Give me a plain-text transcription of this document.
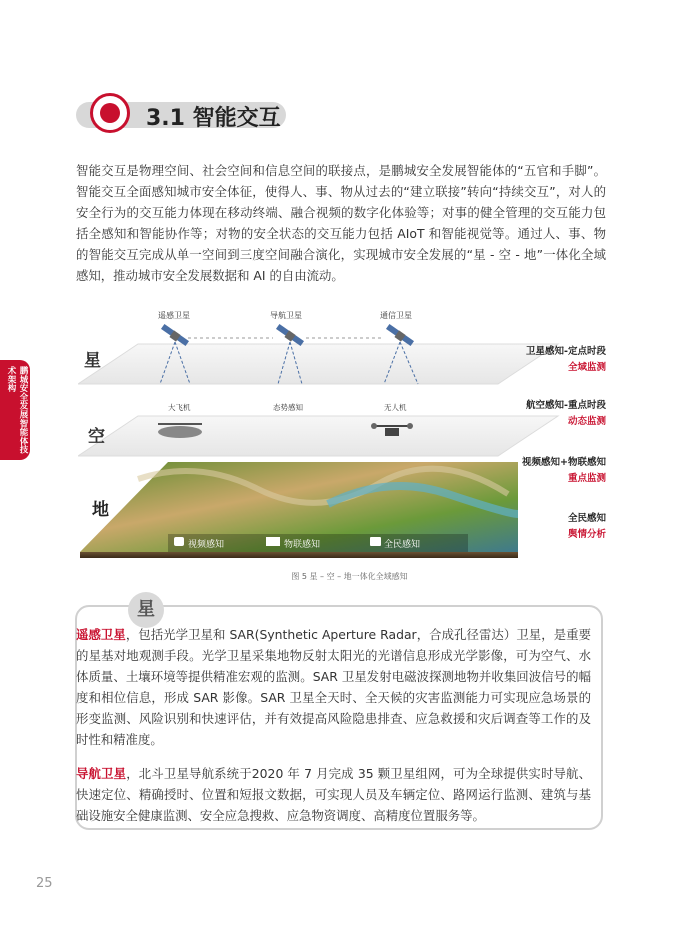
鹏城安全发展智能体技术架构
3.1 智能交互
智能交互是物理空间、社会空间和信息空间的联接点，是鹏城安全发展智能体的“五官和手脚”。智能交互全面感知城市安全体征，使得人、事、物从过去的“建立联接”转向“持续交互”，对人的安全行为的交互能力体现在移动终端、融合视频的数字化体验等；对事的健全管理的交互能力包括全感知和智能协作等；对物的安全状态的交互能力包括 AIoT 和智能视觉等。通过人、事、物的智能交互完成从单一空间到三度空间融合演化，实现城市安全发展的“星 - 空 - 地”一体化全域感知，推动城市安全发展数据和 AI 的自由流动。
星
空
地
遥感卫星	导航卫星	通信卫星
大飞机	态势感知	无人机
视频感知	物联感知	全民感知
卫星感知-定点时段
全域监测
航空感知-重点时段
动态监测
视频感知+物联感知
重点监测
全民感知
舆情分析
图 5 星 – 空 – 地一体化全域感知
星
遥感卫星，包括光学卫星和 SAR(Synthetic Aperture Radar，合成孔径雷达）卫星，是重要的星基对地观测手段。光学卫星采集地物反射太阳光的光谱信息形成光学影像，可为空气、水体质量、土壤环境等提供精准宏观的监测。SAR 卫星发射电磁波探测地物并收集回波信号的幅度和相位信息，形成 SAR 影像。SAR 卫星全天时、全天候的灾害监测能力可实现应急场景的形变监测、风险识别和快速评估，并有效提高风险隐患排查、应急救援和灾后调查等工作的及时性和精准度。
导航卫星，北斗卫星导航系统于2020 年 7 月完成 35 颗卫星组网，可为全球提供实时导航、快速定位、精确授时、位置和短报文数据，可实现人员及车辆定位、路网运行监测、建筑与基础设施安全健康监测、安全应急搜救、应急物资调度、高精度位置服务等。
25
